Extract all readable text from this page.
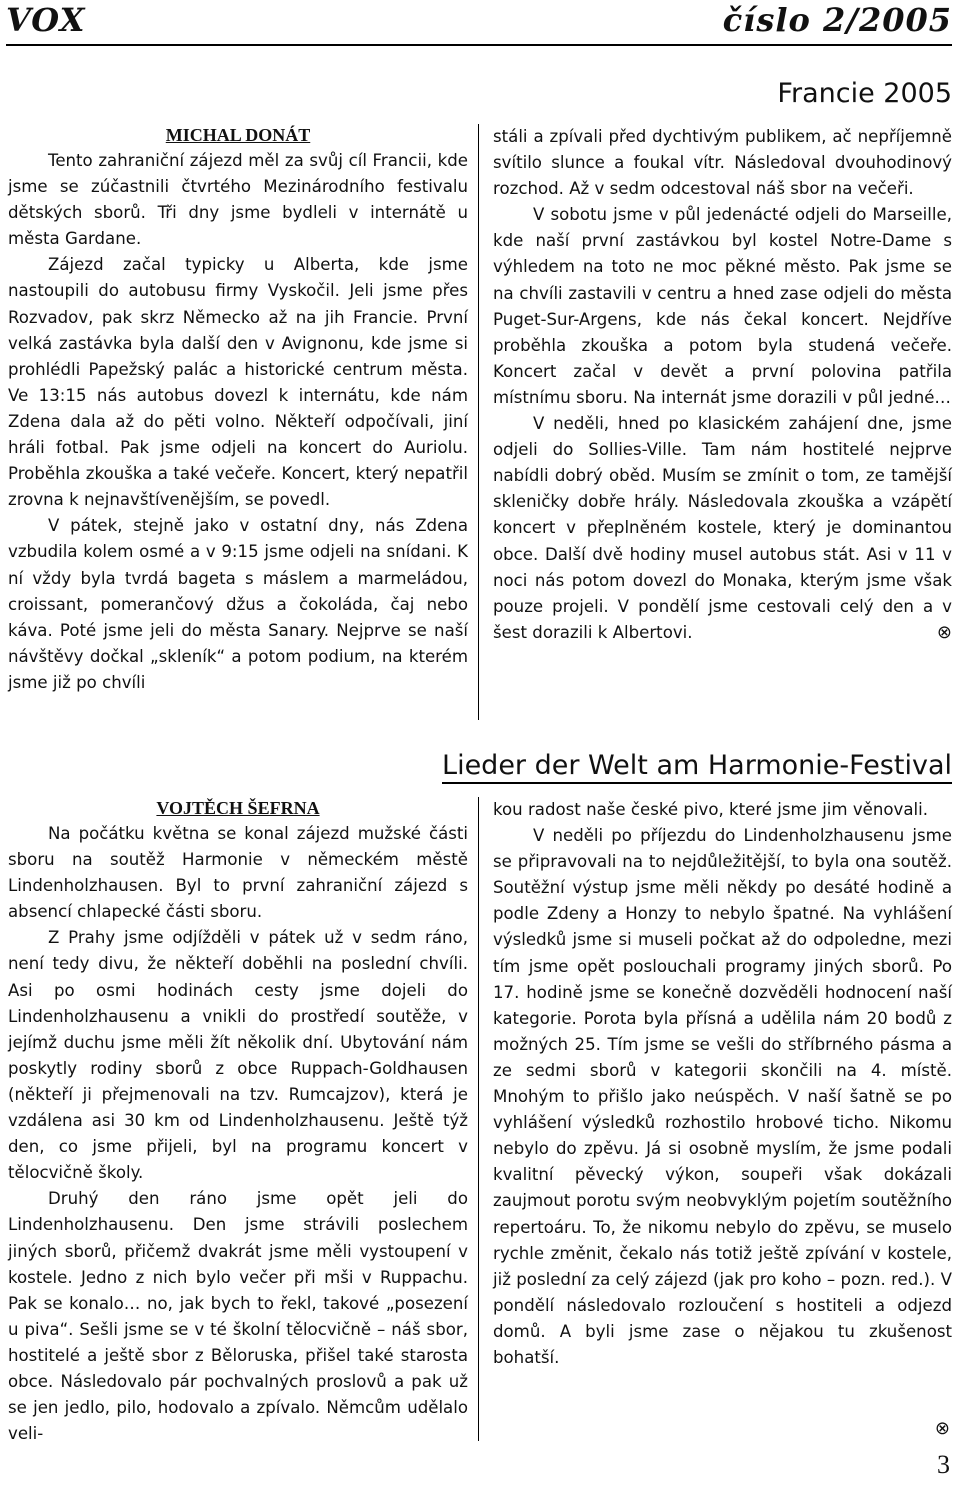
VOX	číslo 2/2005
Francie 2005

MICHAL DONÁT

Tento zahraniční zájezd měl za svůj cíl Francii, kde jsme se zúčastnili čtvrtého Mezinárodního festivalu dětských sborů. Tři dny jsme bydleli v internátě u města Gardane.

Zájezd začal typicky u Alberta, kde jsme nastoupili do autobusu firmy Vyskočil. Jeli jsme přes Rozvadov, pak skrz Německo až na jih Francie. První velká zastávka byla další den v Avignonu, kde jsme si prohlédli Papežský palác a historické centrum města. Ve 13:15 nás autobus dovezl k internátu, kde nám Zdena dala až do pěti volno. Někteří odpočívali, jiní hráli fotbal. Pak jsme odjeli na koncert do Auriolu. Proběhla zkouška a také večeře. Koncert, který nepatřil zrovna k nejnavštívenějším, se povedl.

V pátek, stejně jako v ostatní dny, nás Zdena vzbudila kolem osmé a v 9:15 jsme odjeli na snídani. K ní vždy byla tvrdá bageta s máslem a marmeládou, croissant, pomerančový džus a čokoláda, čaj nebo káva. Poté jsme jeli do města Sanary. Nejprve se naší návštěvy dočkal „skleník“ a potom podium, na kterém jsme již po chvíli

stáli a zpívali před dychtivým publikem, ač nepříjemně svítilo slunce a foukal vítr. Následoval dvouhodinový rozchod. Až v sedm odcestoval náš sbor na večeři.

V sobotu jsme v půl jedenácté odjeli do Marseille, kde naší první zastávkou byl kostel Notre-Dame s výhledem na toto ne moc pěkné město. Pak jsme se na chvíli zastavili v centru a hned zase odjeli do města Puget-Sur-Argens, kde nás čekal koncert. Nejdříve proběhla zkouška a potom byla studená večeře. Koncert začal v devět a první polovina patřila místnímu sboru. Na internát jsme dorazili v půl jedné…

V neděli, hned po klasickém zahájení dne, jsme odjeli do Sollies-Ville. Tam nám hostitelé nejprve nabídli dobrý oběd. Musím se zmínit o tom, ze tamější skleničky dobře hrály. Následovala zkouška a vzápětí koncert v přeplněném kostele, který je dominantou obce. Další dvě hodiny musel autobus stát. Asi v 11 v noci nás potom dovezl do Monaka, kterým jsme však pouze projeli. V pondělí jsme cestovali celý den a v šest dorazili k Albertovi.	⊗

Lieder der Welt am Harmonie-Festival

VOJTĚCH ŠEFRNA

Na počátku května se konal zájezd mužské části sboru na soutěž Harmonie v německém městě Lindenholzhausen. Byl to první zahraniční zájezd s absencí chlapecké části sboru.

Z Prahy jsme odjížděli v pátek už v sedm ráno, není tedy divu, že někteří doběhli na poslední chvíli. Asi po osmi hodinách cesty jsme dojeli do Lindenholzhausenu a vnikli do prostředí soutěže, v jejímž duchu jsme měli žít několik dní. Ubytování nám poskytly rodiny sborů z obce Ruppach-Goldhausen (někteří ji přejmenovali na tzv. Rumcajzov), která je vzdálena asi 30 km od Lindenholzhausenu. Ještě týž den, co jsme přijeli, byl na programu koncert v tělocvičně školy.

Druhý den ráno jsme opět jeli do Lindenholzhausenu. Den jsme strávili poslechem jiných sborů, přičemž dvakrát jsme měli vystoupení v kostele. Jedno z nich bylo večer při mši v Ruppachu. Pak se konalo… no, jak bych to řekl, takové „posezení u piva“. Sešli jsme se v té školní tělocvičně – náš sbor, hostitelé a ještě sbor z Běloruska, přišel také starosta obce. Následovalo pár pochvalných proslovů a pak už se jen jedlo, pilo, hodovalo a zpívalo. Němcům udělalo veli-

kou radost naše české pivo, které jsme jim věnovali.

V neděli po příjezdu do Lindenholzhausenu jsme se připravovali na to nejdůležitější, to byla ona soutěž. Soutěžní výstup jsme měli někdy po desáté hodině a podle Zdeny a Honzy to nebylo špatné. Na vyhlášení výsledků jsme si museli počkat až do odpoledne, mezi tím jsme opět poslouchali programy jiných sborů. Po 17. hodině jsme se konečně dozvěděli hodnocení naší kategorie. Porota byla přísná a udělila nám 20 bodů z možných 25. Tím jsme se vešli do stříbrného pásma a ze sedmi sborů v kategorii skončili na 4. místě. Mnohým to přišlo jako neúspěch. V naší šatně se po vyhlášení výsledků rozhostilo hrobové ticho. Nikomu nebylo do zpěvu. Já si osobně myslím, že jsme podali kvalitní pěvecký výkon, soupeři však dokázali zaujmout porotu svým neobvyklým pojetím soutěžního repertoáru. To, že nikomu nebylo do zpěvu, se muselo rychle změnit, čekalo nás totiž ještě zpívání v kostele, již poslední za celý zájezd (jak pro koho – pozn. red.). V pondělí následovalo rozloučení s hostiteli a odjezd domů. A byli jsme zase o nějakou tu zkušenost bohatší.

⊗
3
